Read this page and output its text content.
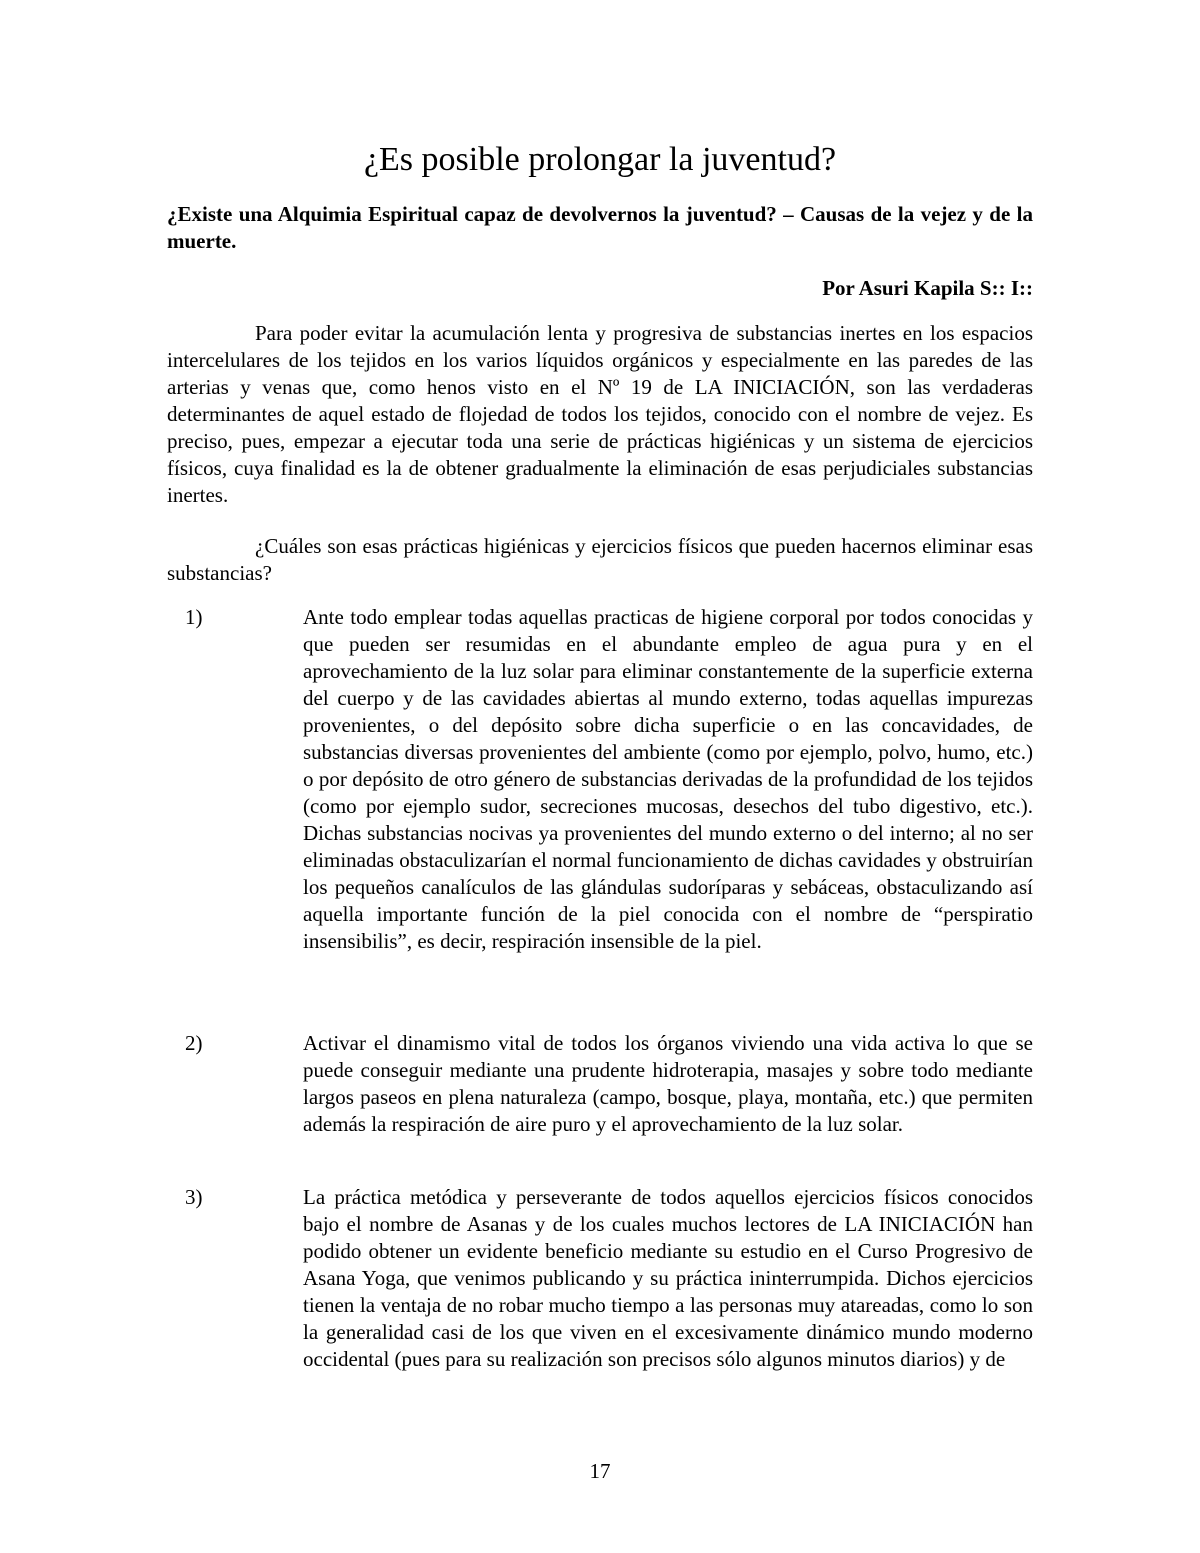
¿Es posible prolongar la juventud?

¿Existe una Alquimia Espiritual capaz de devolvernos la juventud? – Causas de la vejez y de la muerte.

Por Asuri Kapila S:: I::

Para poder evitar la acumulación lenta y progresiva de substancias inertes en los espacios intercelulares de los tejidos en los varios líquidos orgánicos y especialmente en las paredes de las arterias y venas que, como henos visto en el Nº 19 de LA INICIACIÓN, son las verdaderas determinantes de aquel estado de flojedad de todos los tejidos, conocido con el nombre de vejez. Es preciso, pues, empezar a ejecutar toda una serie de prácticas higiénicas y un sistema de ejercicios físicos, cuya finalidad es la de obtener gradualmente la eliminación de esas perjudiciales substancias inertes.

¿Cuáles son esas prácticas higiénicas y ejercicios físicos que pueden hacernos eliminar esas substancias?

1)	Ante todo emplear todas aquellas practicas de higiene corporal por todos conocidas y que pueden ser resumidas en el abundante empleo de agua pura y en el aprovechamiento de la luz solar para eliminar constantemente de la superficie externa del cuerpo y de las cavidades abiertas al mundo externo, todas aquellas impurezas provenientes, o del depósito sobre dicha superficie o en las concavidades, de substancias diversas provenientes del ambiente (como por ejemplo, polvo, humo, etc.) o por depósito de otro género de substancias derivadas de la profundidad de los tejidos (como por ejemplo sudor, secreciones mucosas, desechos del tubo digestivo, etc.). Dichas substancias nocivas ya provenientes del mundo externo o del interno; al no ser eliminadas obstaculizarían el normal funcionamiento de dichas cavidades y obstruirían los pequeños canalículos de las glándulas sudoríparas y sebáceas, obstaculizando así aquella importante función de la piel conocida con el nombre de “perspiratio insensibilis”, es decir, respiración insensible de la piel.

2)	Activar el dinamismo vital de todos los órganos viviendo una vida activa lo que se puede conseguir mediante una prudente hidroterapia, masajes y sobre todo mediante largos paseos en plena naturaleza (campo, bosque, playa, montaña, etc.) que permiten además la respiración de aire puro y el aprovechamiento de la luz solar.

3)	La práctica metódica y perseverante de todos aquellos ejercicios físicos conocidos bajo el nombre de Asanas y de los cuales muchos lectores de LA INICIACIÓN han podido obtener un evidente beneficio mediante su estudio en el Curso Progresivo de Asana Yoga, que venimos publicando y su práctica ininterrumpida. Dichos ejercicios tienen la ventaja de no robar mucho tiempo a las personas muy atareadas, como lo son la generalidad casi de los que viven en el excesivamente dinámico mundo moderno occidental (pues para su realización son precisos sólo algunos minutos diarios) y de

17
